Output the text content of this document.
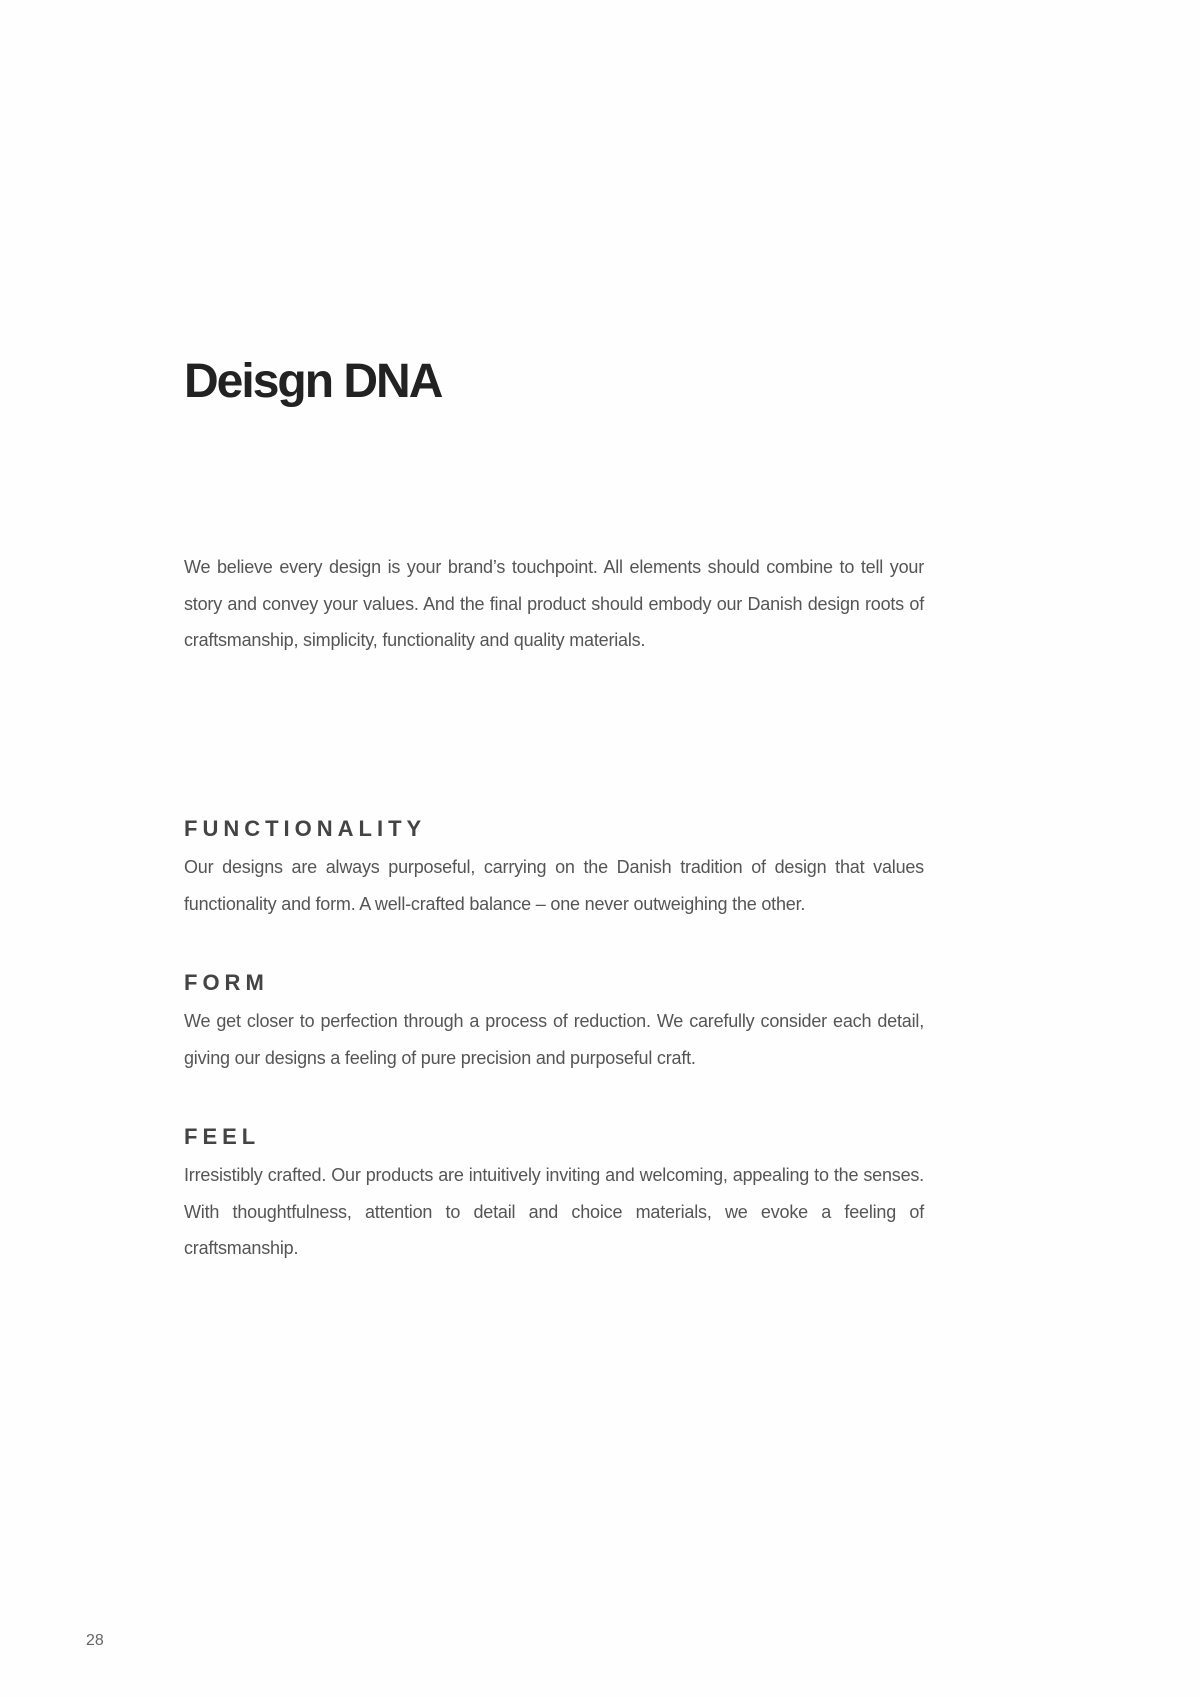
Deisgn DNA

We believe every design is your brand’s touchpoint. All elements should combine to tell your story and convey your values. And the final product should embody our Danish design roots of craftsmanship, simplicity, functionality and quality materials.

FUNCTIONALITY

Our designs are always purposeful, carrying on the Danish tradition of design that values functionality and form. A well-crafted balance – one never outweighing the other.

FORM

We get closer to perfection through a process of reduction. We carefully consider each detail, giving our designs a feeling of pure precision and purposeful craft.

FEEL

Irresistibly crafted. Our products are intuitively inviting and welcoming, appealing to the senses. With thoughtfulness, attention to detail and choice materials, we evoke a feeling of craftsmanship.

28
